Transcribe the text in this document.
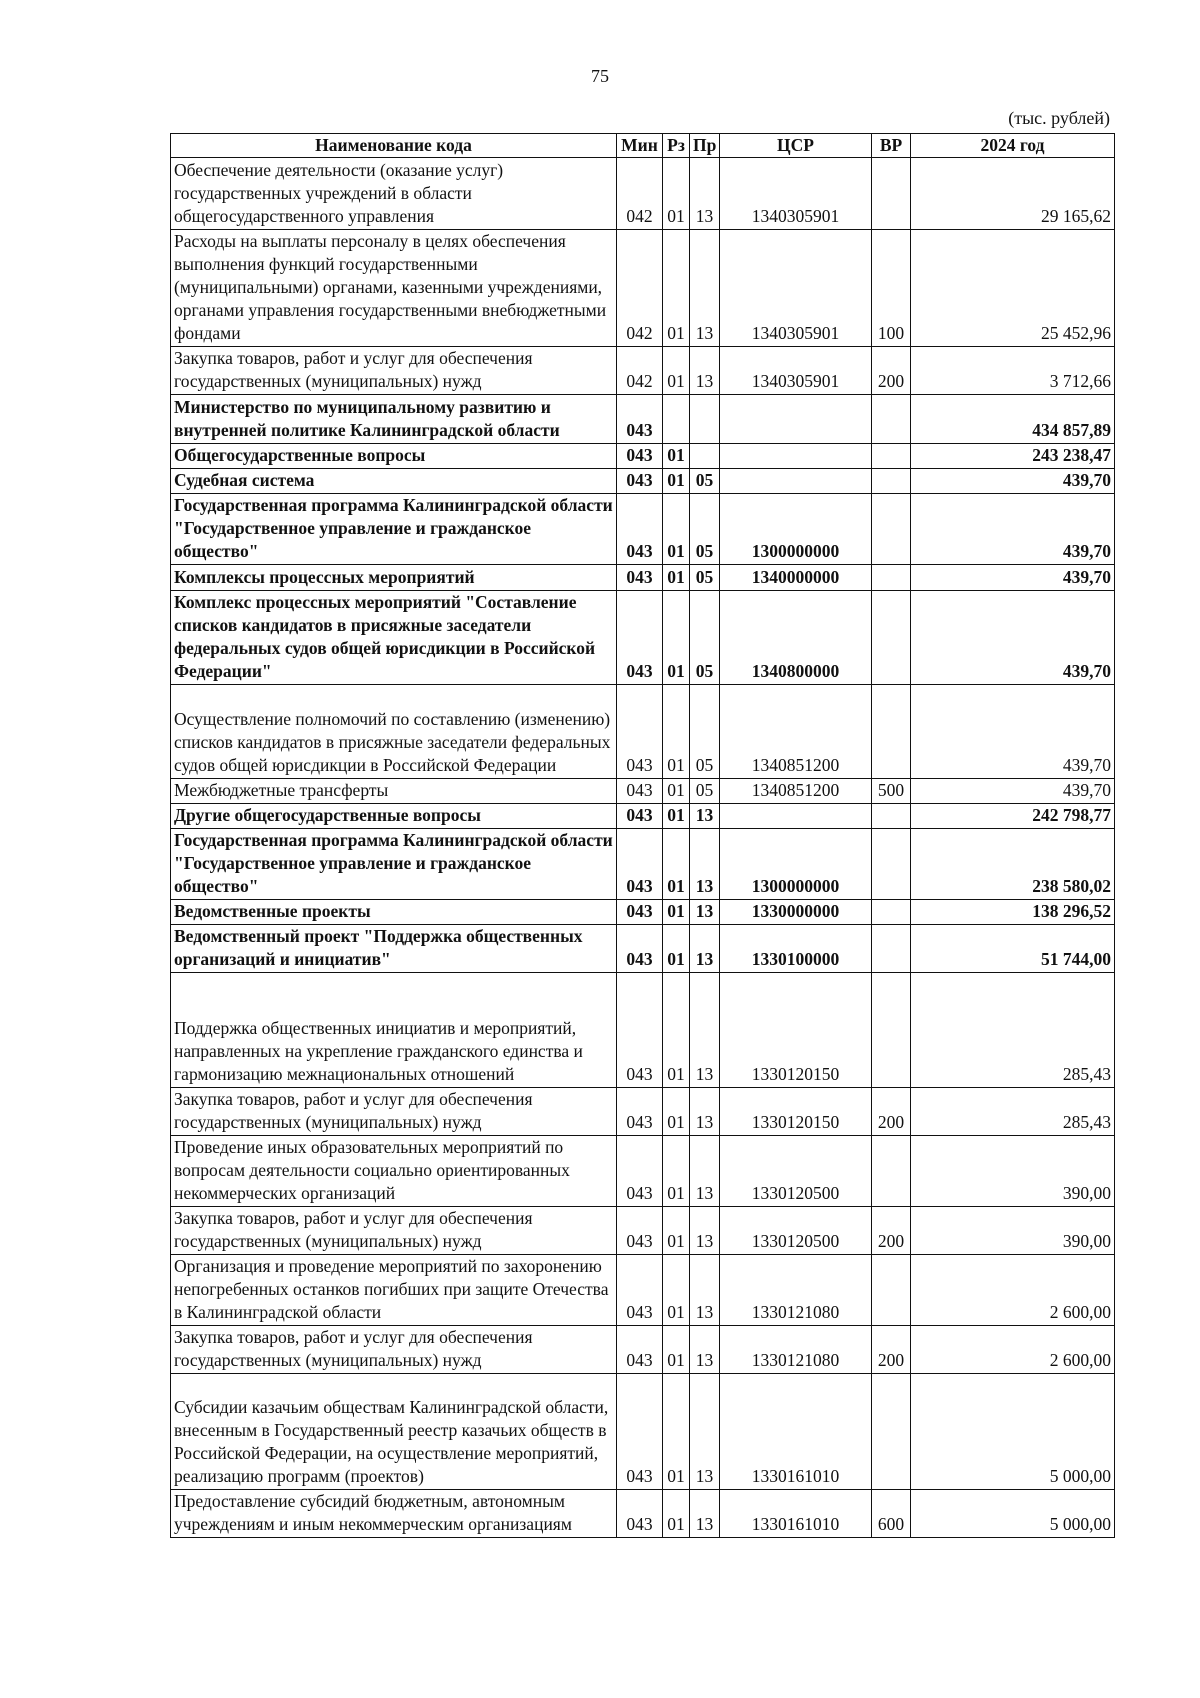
75
(тыс. рублей)
Наименование кода	Мин	Рз	Пр	ЦСР	ВР	2024 год
Обеспечение деятельности (оказание услуг) государственных учреждений в области общегосударственного управления	042	01	13	1340305901		29 165,62
Расходы на выплаты персоналу в целях обеспечения выполнения функций государственными (муниципальными) органами, казенными учреждениями, органами управления государственными внебюджетными фондами	042	01	13	1340305901	100	25 452,96
Закупка товаров, работ и услуг для обеспечения государственных (муниципальных) нужд	042	01	13	1340305901	200	3 712,66
Министерство по муниципальному развитию и внутренней политике Калининградской области	043					434 857,89
Общегосударственные вопросы	043	01				243 238,47
Судебная система	043	01	05			439,70
Государственная программа Калининградской области "Государственное управление и гражданское общество"	043	01	05	1300000000		439,70
Комплексы процессных мероприятий	043	01	05	1340000000		439,70
Комплекс процессных мероприятий "Составление списков кандидатов в присяжные заседатели федеральных судов общей юрисдикции в Российской Федерации"	043	01	05	1340800000		439,70
Осуществление полномочий по составлению (изменению) списков кандидатов в присяжные заседатели федеральных судов общей юрисдикции в Российской Федерации	043	01	05	1340851200		439,70
Межбюджетные трансферты	043	01	05	1340851200	500	439,70
Другие общегосударственные вопросы	043	01	13			242 798,77
Государственная программа Калининградской области "Государственное управление и гражданское общество"	043	01	13	1300000000		238 580,02
Ведомственные проекты	043	01	13	1330000000		138 296,52
Ведомственный проект "Поддержка общественных организаций и инициатив"	043	01	13	1330100000		51 744,00
Поддержка общественных инициатив и мероприятий, направленных на укрепление гражданского единства и гармонизацию межнациональных отношений	043	01	13	1330120150		285,43
Закупка товаров, работ и услуг для обеспечения государственных (муниципальных) нужд	043	01	13	1330120150	200	285,43
Проведение иных образовательных мероприятий по вопросам деятельности социально ориентированных некоммерческих организаций	043	01	13	1330120500		390,00
Закупка товаров, работ и услуг для обеспечения государственных (муниципальных) нужд	043	01	13	1330120500	200	390,00
Организация и проведение мероприятий по захоронению непогребенных останков погибших при защите Отечества в Калининградской области	043	01	13	1330121080		2 600,00
Закупка товаров, работ и услуг для обеспечения государственных (муниципальных) нужд	043	01	13	1330121080	200	2 600,00
Субсидии казачьим обществам Калининградской области, внесенным в Государственный реестр казачьих обществ в Российской Федерации, на осуществление мероприятий, реализацию программ (проектов)	043	01	13	1330161010		5 000,00
Предоставление субсидий бюджетным, автономным учреждениям и иным некоммерческим организациям	043	01	13	1330161010	600	5 000,00
